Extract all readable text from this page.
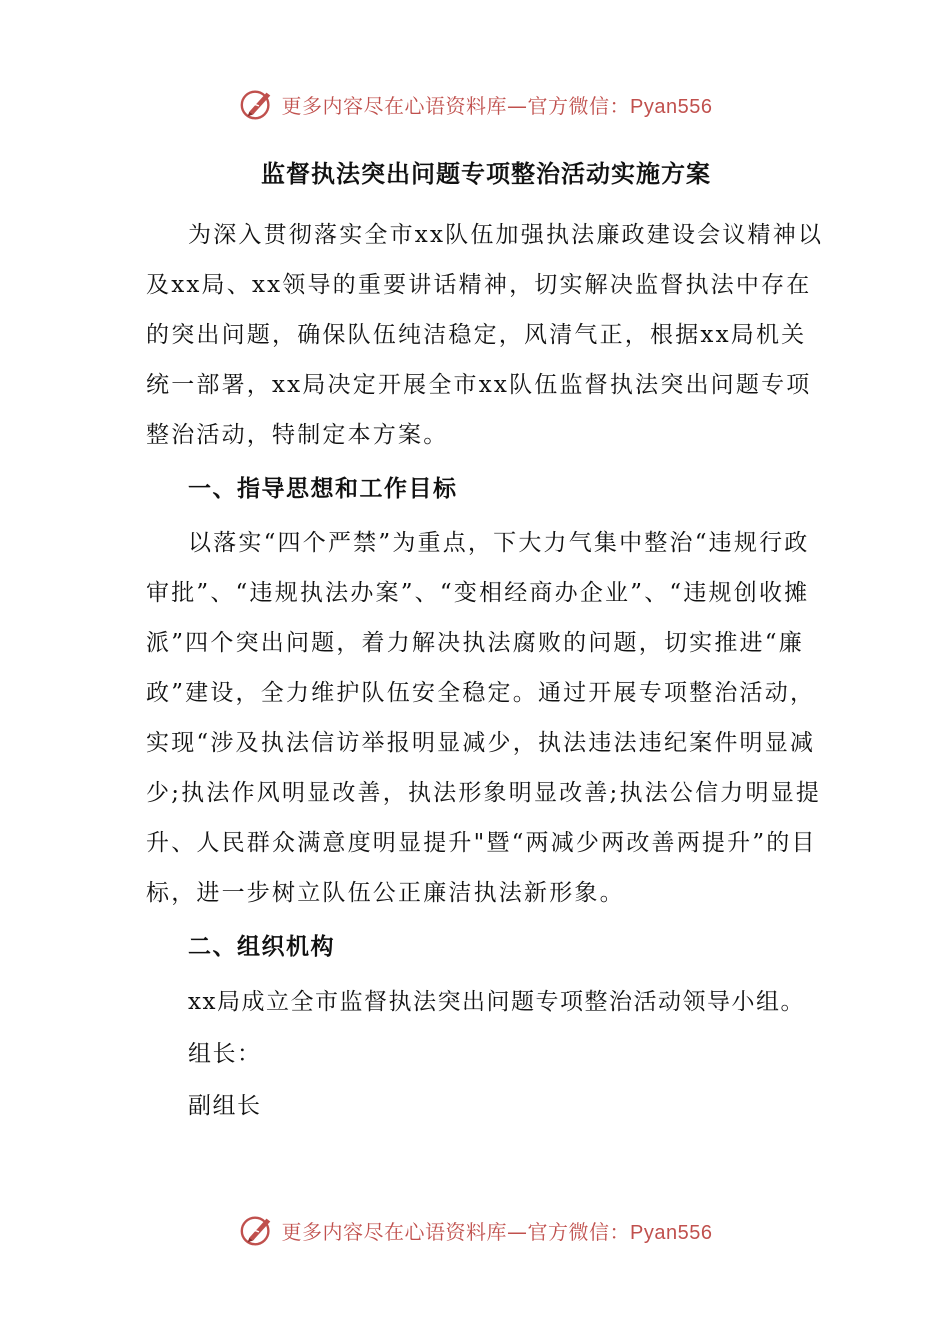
更多内容尽在心语资料库—官方微信：Pyan556
监督执法突出问题专项整治活动实施方案

为深入贯彻落实全市xx队伍加强执法廉政建设会议精神以及xx局、xx领导的重要讲话精神，切实解决监督执法中存在的突出问题，确保队伍纯洁稳定，风清气正，根据xx局机关统一部署，xx局决定开展全市xx队伍监督执法突出问题专项整治活动，特制定本方案。

一、指导思想和工作目标

以落实“四个严禁”为重点，下大力气集中整治“违规行政审批”、“违规执法办案”、“变相经商办企业”、“违规创收摊派”四个突出问题，着力解决执法腐败的问题，切实推进“廉政”建设，全力维护队伍安全稳定。通过开展专项整治活动，实现“涉及执法信访举报明显减少，执法违法违纪案件明显减少;执法作风明显改善，执法形象明显改善;执法公信力明显提升、人民群众满意度明显提升"暨“两减少两改善两提升”的目标，进一步树立队伍公正廉洁执法新形象。

二、组织机构

xx局成立全市监督执法突出问题专项整治活动领导小组。

组长：

副组长

更多内容尽在心语资料库—官方微信：Pyan556
